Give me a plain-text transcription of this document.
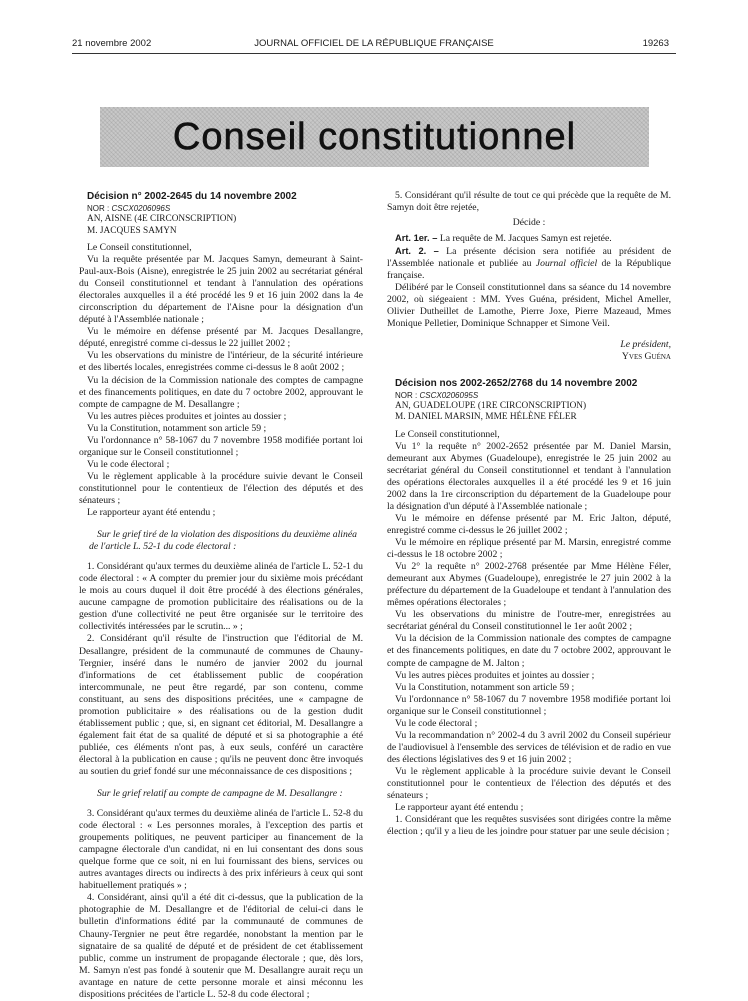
21 novembre 2002	JOURNAL OFFICIEL DE LA RÉPUBLIQUE FRANÇAISE	19263
Conseil constitutionnel

Décision n° 2002-2645 du 14 novembre 2002

NOR : CSCX0206096S

AN, AISNE (4E CIRCONSCRIPTION)

M. JACQUES SAMYN

Le Conseil constitutionnel,

Vu la requête présentée par M. Jacques Samyn, demeurant à Saint-Paul-aux-Bois (Aisne), enregistrée le 25 juin 2002 au secrétariat général du Conseil constitutionnel et tendant à l'annulation des opérations électorales auxquelles il a été procédé les 9 et 16 juin 2002 dans la 4e circonscription du département de l'Aisne pour la désignation d'un député à l'Assemblée nationale ;

Vu le mémoire en défense présenté par M. Jacques Desallangre, député, enregistré comme ci-dessus le 22 juillet 2002 ;

Vu les observations du ministre de l'intérieur, de la sécurité intérieure et des libertés locales, enregistrées comme ci-dessus le 8 août 2002 ;

Vu la décision de la Commission nationale des comptes de campagne et des financements politiques, en date du 7 octobre 2002, approuvant le compte de campagne de M. Desallangre ;

Vu les autres pièces produites et jointes au dossier ;

Vu la Constitution, notamment son article 59 ;

Vu l'ordonnance n° 58-1067 du 7 novembre 1958 modifiée portant loi organique sur le Conseil constitutionnel ;

Vu le code électoral ;

Vu le règlement applicable à la procédure suivie devant le Conseil constitutionnel pour le contentieux de l'élection des députés et des sénateurs ;

Le rapporteur ayant été entendu ;

Sur le grief tiré de la violation des dispositions du deuxième alinéa de l'article L. 52-1 du code électoral :

1. Considérant qu'aux termes du deuxième alinéa de l'article L. 52-1 du code électoral : « A compter du premier jour du sixième mois précédant le mois au cours duquel il doit être procédé à des élections générales, aucune campagne de promotion publicitaire des réalisations ou de la gestion d'une collectivité ne peut être organisée sur le territoire des collectivités intéressées par le scrutin... » ;

2. Considérant qu'il résulte de l'instruction que l'éditorial de M. Desallangre, président de la communauté de communes de Chauny-Tergnier, inséré dans le numéro de janvier 2002 du journal d'informations de cet établissement public de coopération intercommunale, ne peut être regardé, par son contenu, comme constituant, au sens des dispositions précitées, une « campagne de promotion publicitaire » des réalisations ou de la gestion dudit établissement public ; que, si, en signant cet éditorial, M. Desallangre a également fait état de sa qualité de député et si sa photographie a été publiée, ces éléments n'ont pas, à eux seuls, conféré un caractère électoral à la publication en cause ; qu'ils ne peuvent donc être invoqués au soutien du grief fondé sur une méconnaissance de ces dispositions ;

Sur le grief relatif au compte de campagne de M. Desallangre :

3. Considérant qu'aux termes du deuxième alinéa de l'article L. 52-8 du code électoral : « Les personnes morales, à l'exception des partis et groupements politiques, ne peuvent participer au financement de la campagne électorale d'un candidat, ni en lui consentant des dons sous quelque forme que ce soit, ni en lui fournissant des biens, services ou autres avantages directs ou indirects à des prix inférieurs à ceux qui sont habituellement pratiqués » ;

4. Considérant, ainsi qu'il a été dit ci-dessus, que la publication de la photographie de M. Desallangre et de l'éditorial de celui-ci dans le bulletin d'informations édité par la communauté de communes de Chauny-Tergnier ne peut être regardée, nonobstant la mention par le signataire de sa qualité de député et de président de cet établissement public, comme un instrument de propagande électorale ; que, dès lors, M. Samyn n'est pas fondé à soutenir que M. Desallangre aurait reçu un avantage en nature de cette personne morale et ainsi méconnu les dispositions précitées de l'article L. 52-8 du code électoral ;

5. Considérant qu'il résulte de tout ce qui précède que la requête de M. Samyn doit être rejetée,

Décide :

Art. 1er. – La requête de M. Jacques Samyn est rejetée.

Art. 2. – La présente décision sera notifiée au président de l'Assemblée nationale et publiée au Journal officiel de la République française.

Délibéré par le Conseil constitutionnel dans sa séance du 14 novembre 2002, où siégeaient : MM. Yves Guéna, président, Michel Ameller, Olivier Dutheillet de Lamothe, Pierre Joxe, Pierre Mazeaud, Mmes Monique Pelletier, Dominique Schnapper et Simone Veil.

Le président,
Yves Guéna

Décision nos 2002-2652/2768 du 14 novembre 2002

NOR : CSCX0206095S

AN, GUADELOUPE (1RE CIRCONSCRIPTION)

M. DANIEL MARSIN, MME HÉLÈNE FÉLER

Le Conseil constitutionnel,

Vu 1° la requête n° 2002-2652 présentée par M. Daniel Marsin, demeurant aux Abymes (Guadeloupe), enregistrée le 25 juin 2002 au secrétariat général du Conseil constitutionnel et tendant à l'annulation des opérations électorales auxquelles il a été procédé les 9 et 16 juin 2002 dans la 1re circonscription du département de la Guadeloupe pour la désignation d'un député à l'Assemblée nationale ;

Vu le mémoire en défense présenté par M. Eric Jalton, député, enregistré comme ci-dessus le 26 juillet 2002 ;

Vu le mémoire en réplique présenté par M. Marsin, enregistré comme ci-dessus le 18 octobre 2002 ;

Vu 2° la requête n° 2002-2768 présentée par Mme Hélène Féler, demeurant aux Abymes (Guadeloupe), enregistrée le 27 juin 2002 à la préfecture du département de la Guadeloupe et tendant à l'annulation des mêmes opérations électorales ;

Vu les observations du ministre de l'outre-mer, enregistrées au secrétariat général du Conseil constitutionnel le 1er août 2002 ;

Vu la décision de la Commission nationale des comptes de campagne et des financements politiques, en date du 7 octobre 2002, approuvant le compte de campagne de M. Jalton ;

Vu les autres pièces produites et jointes au dossier ;

Vu la Constitution, notamment son article 59 ;

Vu l'ordonnance n° 58-1067 du 7 novembre 1958 modifiée portant loi organique sur le Conseil constitutionnel ;

Vu le code électoral ;

Vu la recommandation n° 2002-4 du 3 avril 2002 du Conseil supérieur de l'audiovisuel à l'ensemble des services de télévision et de radio en vue des élections législatives des 9 et 16 juin 2002 ;

Vu le règlement applicable à la procédure suivie devant le Conseil constitutionnel pour le contentieux de l'élection des députés et des sénateurs ;

Le rapporteur ayant été entendu ;

1. Considérant que les requêtes susvisées sont dirigées contre la même élection ; qu'il y a lieu de les joindre pour statuer par une seule décision ;
